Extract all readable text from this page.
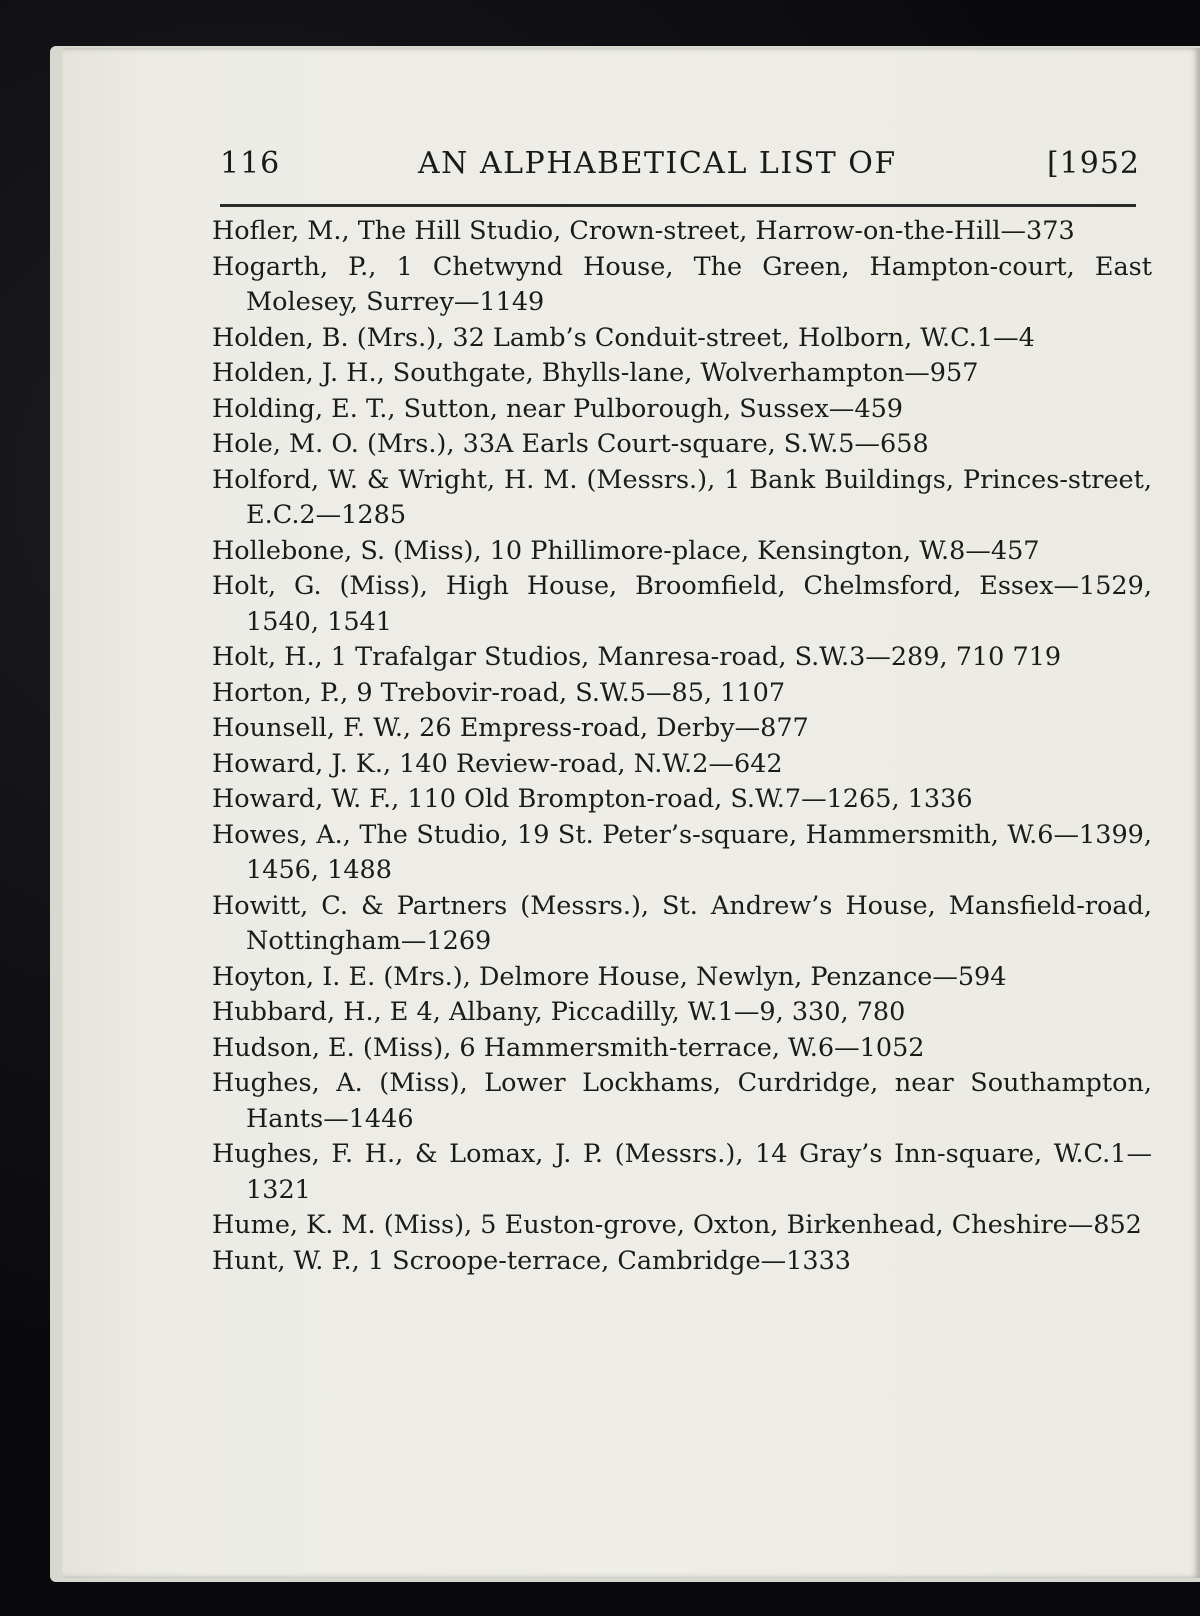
116	AN ALPHABETICAL LIST OF	[1952

Hofler, M., The Hill Studio, Crown-street, Harrow-on-the-Hill—373

Hogarth, P., 1 Chetwynd House, The Green, Hampton-court, East Molesey, Surrey—1149

Holden, B. (Mrs.), 32 Lamb’s Conduit-street, Holborn, W.C.1—4

Holden, J. H., Southgate, Bhylls-lane, Wolverhampton—957

Holding, E. T., Sutton, near Pulborough, Sussex—459

Hole, M. O. (Mrs.), 33A Earls Court-square, S.W.5—658

Holford, W. & Wright, H. M. (Messrs.), 1 Bank Buildings, Princes-street, E.C.2—1285

Hollebone, S. (Miss), 10 Phillimore-place, Kensington, W.8—457

Holt, G. (Miss), High House, Broomfield, Chelmsford, Essex—1529, 1540, 1541

Holt, H., 1 Trafalgar Studios, Manresa-road, S.W.3—289, 710 719

Horton, P., 9 Trebovir-road, S.W.5—85, 1107

Hounsell, F. W., 26 Empress-road, Derby—877

Howard, J. K., 140 Review-road, N.W.2—642

Howard, W. F., 110 Old Brompton-road, S.W.7—1265, 1336

Howes, A., The Studio, 19 St. Peter’s-square, Hammersmith, W.6—1399, 1456, 1488

Howitt, C. & Partners (Messrs.), St. Andrew’s House, Mansfield-road, Nottingham—1269

Hoyton, I. E. (Mrs.), Delmore House, Newlyn, Penzance—594

Hubbard, H., E 4, Albany, Piccadilly, W.1—9, 330, 780

Hudson, E. (Miss), 6 Hammersmith-terrace, W.6—1052

Hughes, A. (Miss), Lower Lockhams, Curdridge, near Southampton, Hants—1446

Hughes, F. H., & Lomax, J. P. (Messrs.), 14 Gray’s Inn-square, W.C.1—1321

Hume, K. M. (Miss), 5 Euston-grove, Oxton, Birkenhead, Cheshire—852

Hunt, W. P., 1 Scroope-terrace, Cambridge—1333
